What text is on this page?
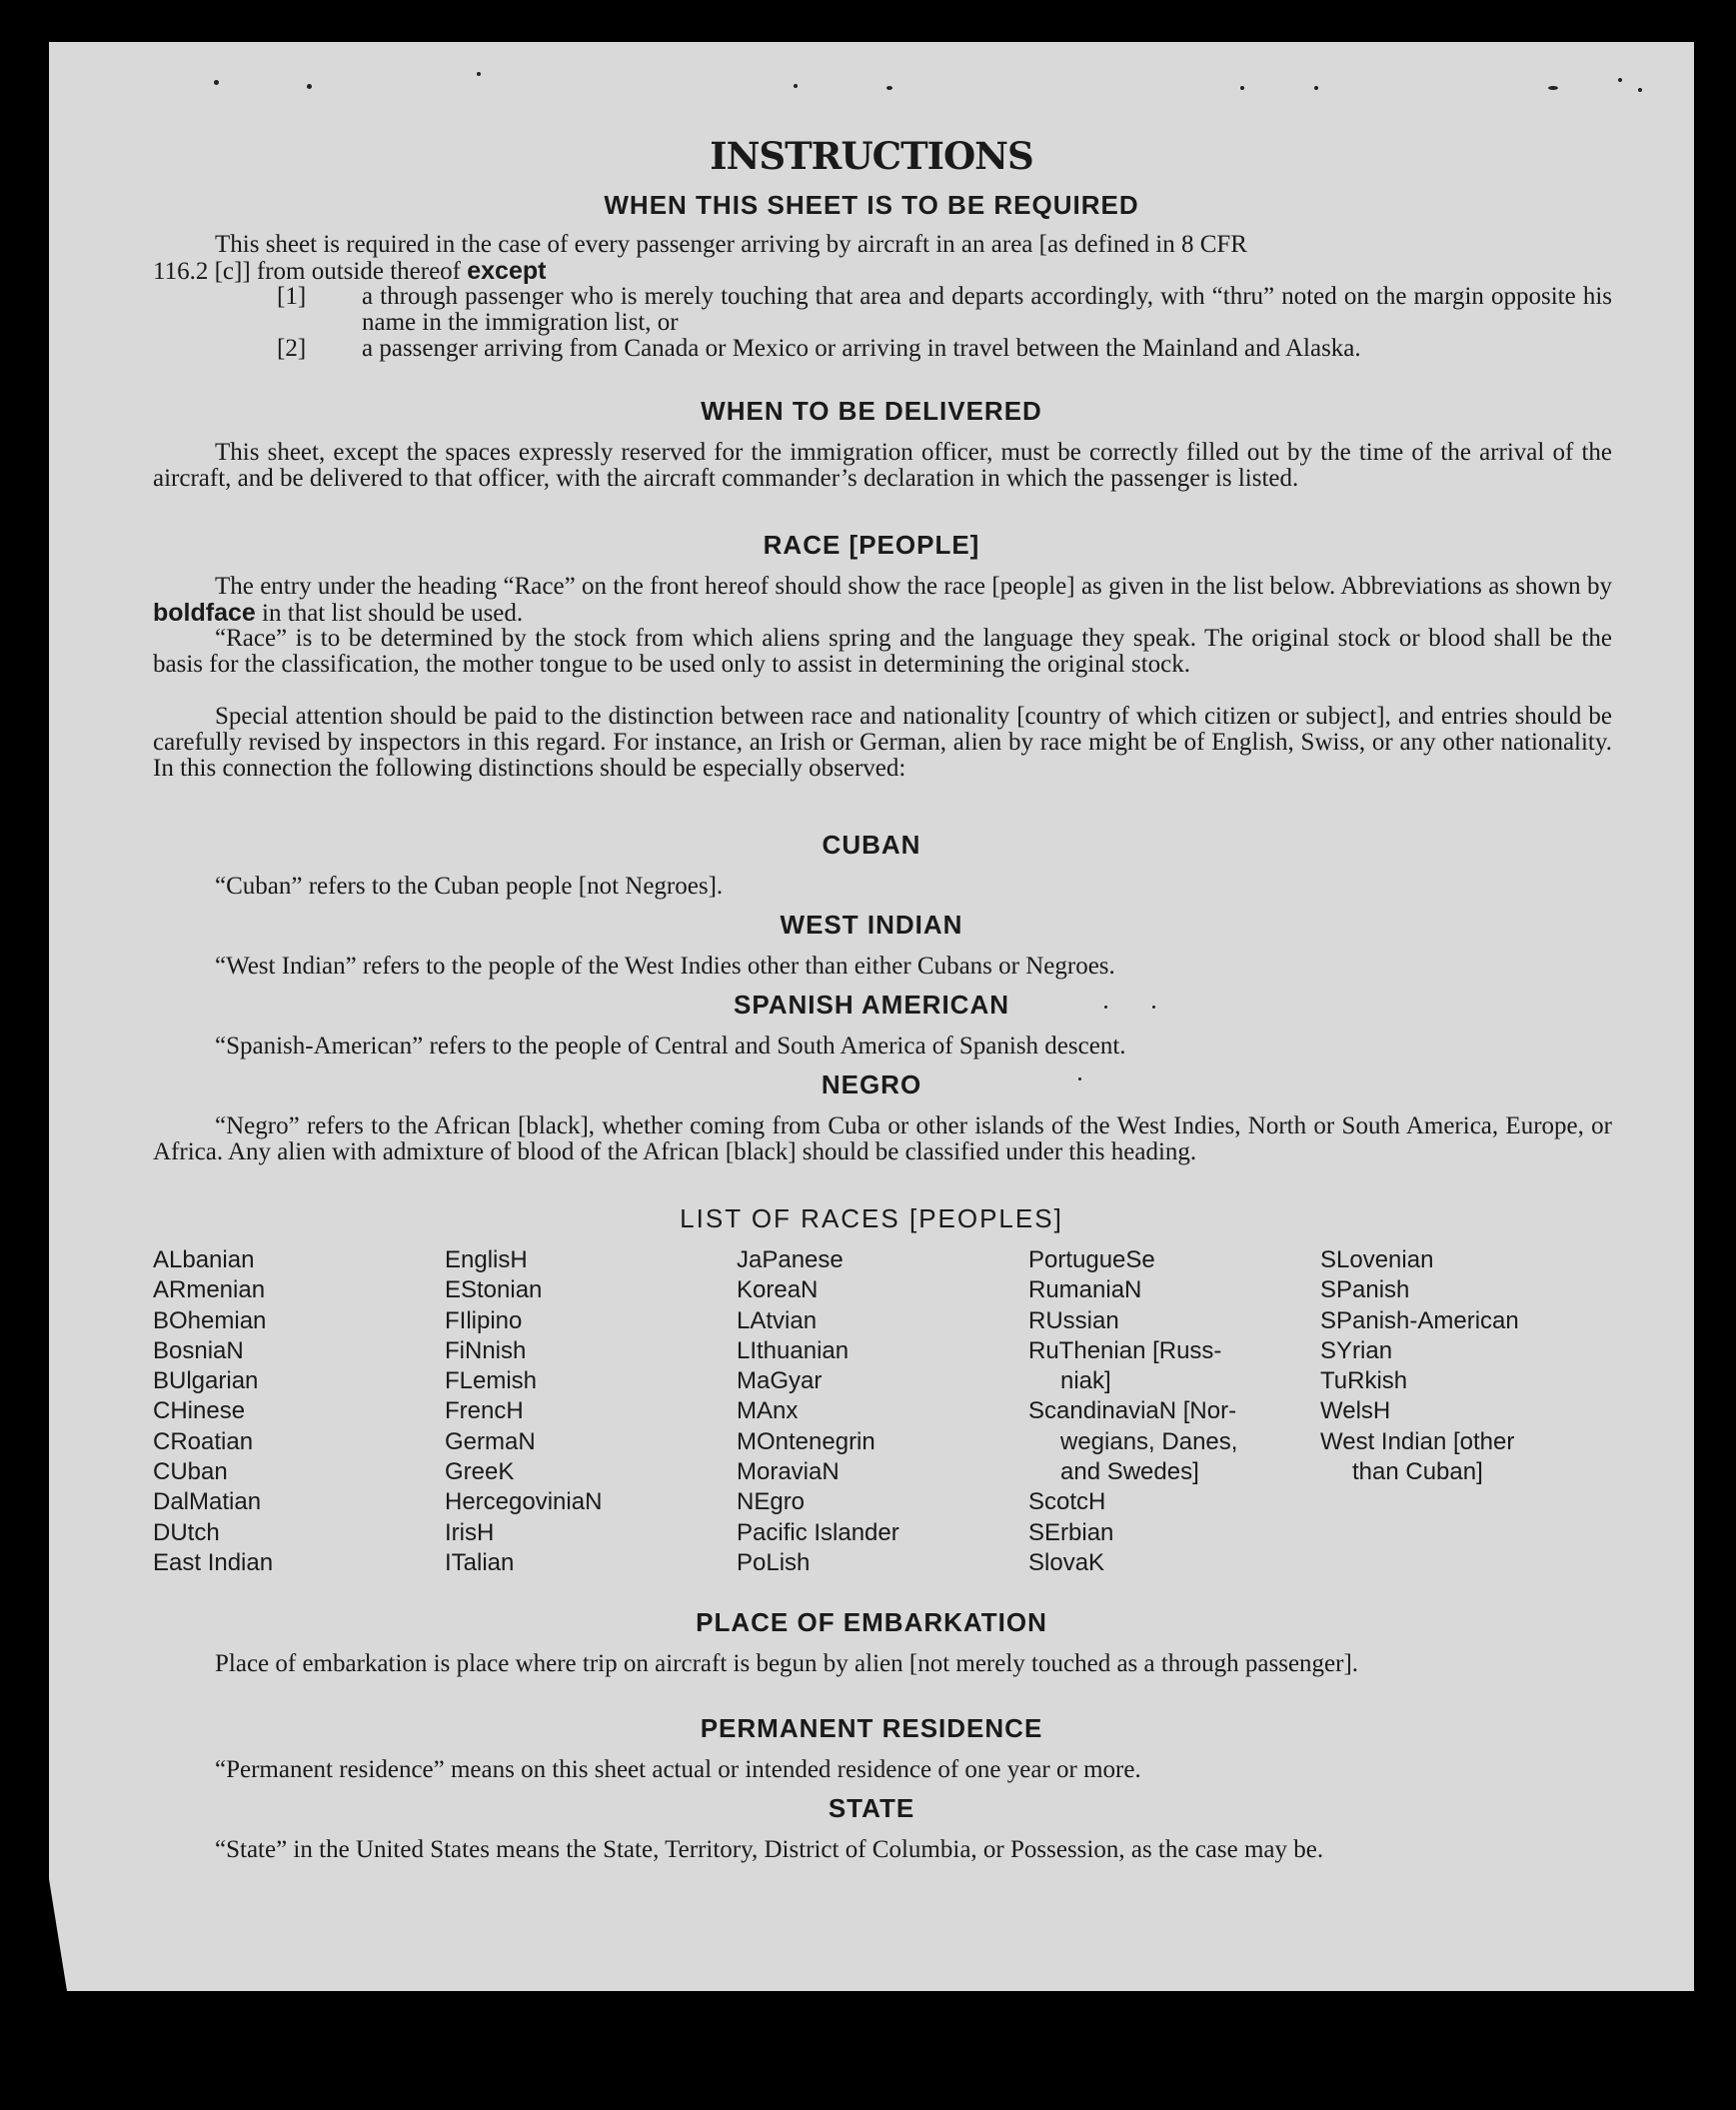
INSTRUCTIONS
WHEN THIS SHEET IS TO BE REQUIRED
This sheet is required in the case of every passenger arriving by aircraft in an area [as defined in 8 CFR
116.2 [c]] from outside thereof except
[1] a through passenger who is merely touching that area and departs accordingly, with “thru” noted on the margin opposite his name in the immigration list, or
[2] a passenger arriving from Canada or Mexico or arriving in travel between the Mainland and Alaska.
WHEN TO BE DELIVERED
This sheet, except the spaces expressly reserved for the immigration officer, must be correctly filled out by the time of the arrival of the aircraft, and be delivered to that officer, with the aircraft commander’s declaration in which the passenger is listed.
RACE [PEOPLE]
The entry under the heading “Race” on the front hereof should show the race [people] as given in the list below. Abbreviations as shown by boldface in that list should be used.
“Race” is to be determined by the stock from which aliens spring and the language they speak. The original stock or blood shall be the basis for the classification, the mother tongue to be used only to assist in determining the original stock.
Special attention should be paid to the distinction between race and nationality [country of which citizen or subject], and entries should be carefully revised by inspectors in this regard. For instance, an Irish or German, alien by race might be of English, Swiss, or any other nationality. In this connection the following distinctions should be especially observed:
CUBAN
“Cuban” refers to the Cuban people [not Negroes].
WEST INDIAN
“West Indian” refers to the people of the West Indies other than either Cubans or Negroes.
SPANISH AMERICAN
“Spanish-American” refers to the people of Central and South America of Spanish descent.
NEGRO
“Negro” refers to the African [black], whether coming from Cuba or other islands of the West Indies, North or South America, Europe, or Africa. Any alien with admixture of blood of the African [black] should be classified under this heading.
LIST OF RACES [PEOPLES]
ALbanian
ARmenian
BOhemian
BosniaN
BUlgarian
CHinese
CRoatian
CUban
DalMatian
DUtch
East Indian
EnglisH
EStonian
FIlipino
FiNnish
FLemish
FrencH
GermaN
GreeK
HercegoviniaN
IrisH
ITalian
JaPanese
KoreaN
LAtvian
LIthuanian
MaGyar
MAnx
MOntenegrin
MoraviaN
NEgro
Pacific Islander
PoLish
PortugueSe
RumaniaN
RUssian
RuThenian [Russ-
niak]
ScandinaviaN [Nor-
wegians, Danes,
and Swedes]
ScotcH
SErbian
SlovaK
SLovenian
SPanish
SPanish-American
SYrian
TuRkish
WelsH
West Indian [other
than Cuban]
PLACE OF EMBARKATION
Place of embarkation is place where trip on aircraft is begun by alien [not merely touched as a through passenger].
PERMANENT RESIDENCE
“Permanent residence” means on this sheet actual or intended residence of one year or more.
STATE
“State” in the United States means the State, Territory, District of Columbia, or Possession, as the case may be.
